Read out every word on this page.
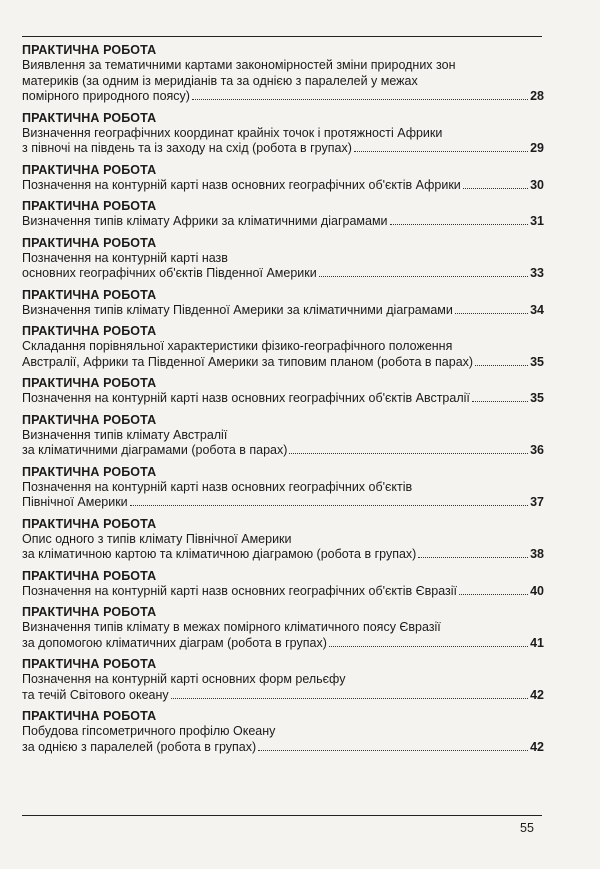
ПРАКТИЧНА РОБОТА
Виявлення за тематичними картами закономірностей зміни природних зон
материків (за одним із меридіанів та за однією з паралелей у межах
помірного природного поясу)	28
ПРАКТИЧНА РОБОТА
Визначення географічних координат крайніх точок і протяжності Африки
з півночі на південь та із заходу на схід (робота в групах)	29
ПРАКТИЧНА РОБОТА
Позначення на контурній карті назв основних географічних об'єктів Африки	30
ПРАКТИЧНА РОБОТА
Визначення типів клімату Африки за кліматичними діаграмами	31
ПРАКТИЧНА РОБОТА
Позначення на контурній карті назв
основних географічних об'єктів Південної Америки	33
ПРАКТИЧНА РОБОТА
Визначення типів клімату Південної Америки за кліматичними діаграмами	34
ПРАКТИЧНА РОБОТА
Складання порівняльної характеристики фізико-географічного положення
Австралії, Африки та Південної Америки за типовим планом (робота в парах)	35
ПРАКТИЧНА РОБОТА
Позначення на контурній карті назв основних географічних об'єктів Австралії	35
ПРАКТИЧНА РОБОТА
Визначення типів клімату Австралії
за кліматичними діаграмами (робота в парах)	36
ПРАКТИЧНА РОБОТА
Позначення на контурній карті назв основних географічних об'єктів
Північної Америки	37
ПРАКТИЧНА РОБОТА
Опис одного з типів клімату Північної Америки
за кліматичною картою та кліматичною діаграмою (робота в групах)	38
ПРАКТИЧНА РОБОТА
Позначення на контурній карті назв основних географічних об'єктів Євразії	40
ПРАКТИЧНА РОБОТА
Визначення типів клімату в межах помірного кліматичного поясу Євразії
за допомогою кліматичних діаграм (робота в групах)	41
ПРАКТИЧНА РОБОТА
Позначення на контурній карті основних форм рельєфу
та течій Світового океану	42
ПРАКТИЧНА РОБОТА
Побудова гіпсометричного профілю Океану
за однією з паралелей (робота в групах)	42
55
